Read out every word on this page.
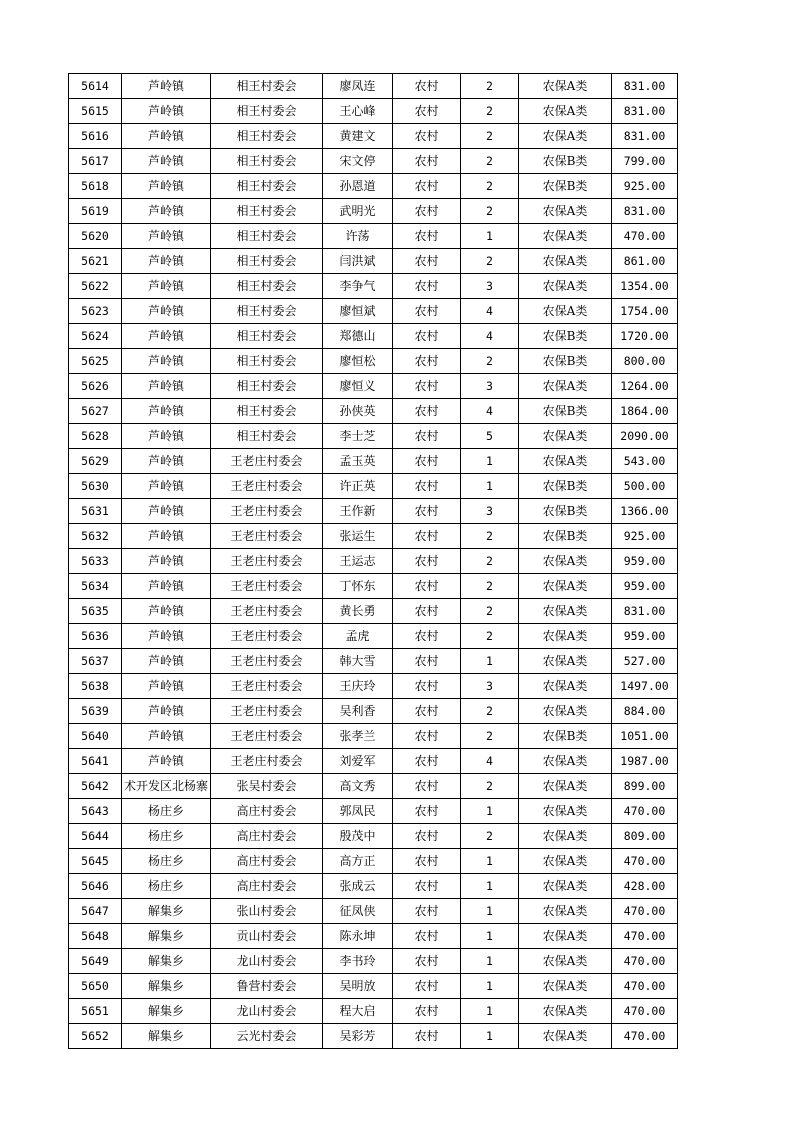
5614	芦岭镇	相王村委会	廖凤连	农村	2	农保A类	831.00
5615	芦岭镇	相王村委会	王心峰	农村	2	农保A类	831.00
5616	芦岭镇	相王村委会	黄建文	农村	2	农保A类	831.00
5617	芦岭镇	相王村委会	宋文停	农村	2	农保B类	799.00
5618	芦岭镇	相王村委会	孙恩道	农村	2	农保B类	925.00
5619	芦岭镇	相王村委会	武明光	农村	2	农保A类	831.00
5620	芦岭镇	相王村委会	许荡	农村	1	农保A类	470.00
5621	芦岭镇	相王村委会	闫洪斌	农村	2	农保A类	861.00
5622	芦岭镇	相王村委会	李争气	农村	3	农保A类	1354.00
5623	芦岭镇	相王村委会	廖恒斌	农村	4	农保A类	1754.00
5624	芦岭镇	相王村委会	郑德山	农村	4	农保B类	1720.00
5625	芦岭镇	相王村委会	廖恒松	农村	2	农保B类	800.00
5626	芦岭镇	相王村委会	廖恒义	农村	3	农保A类	1264.00
5627	芦岭镇	相王村委会	孙侠英	农村	4	农保B类	1864.00
5628	芦岭镇	相王村委会	李士芝	农村	5	农保A类	2090.00
5629	芦岭镇	王老庄村委会	孟玉英	农村	1	农保A类	543.00
5630	芦岭镇	王老庄村委会	许正英	农村	1	农保B类	500.00
5631	芦岭镇	王老庄村委会	王作新	农村	3	农保B类	1366.00
5632	芦岭镇	王老庄村委会	张运生	农村	2	农保B类	925.00
5633	芦岭镇	王老庄村委会	王运志	农村	2	农保A类	959.00
5634	芦岭镇	王老庄村委会	丁怀东	农村	2	农保A类	959.00
5635	芦岭镇	王老庄村委会	黄长勇	农村	2	农保A类	831.00
5636	芦岭镇	王老庄村委会	孟虎	农村	2	农保A类	959.00
5637	芦岭镇	王老庄村委会	韩大雪	农村	1	农保A类	527.00
5638	芦岭镇	王老庄村委会	王庆玲	农村	3	农保A类	1497.00
5639	芦岭镇	王老庄村委会	吴利香	农村	2	农保A类	884.00
5640	芦岭镇	王老庄村委会	张孝兰	农村	2	农保B类	1051.00
5641	芦岭镇	王老庄村委会	刘爱军	农村	4	农保A类	1987.00
5642	术开发区北杨寨	张吴村委会	高文秀	农村	2	农保A类	899.00
5643	杨庄乡	高庄村委会	郭凤民	农村	1	农保A类	470.00
5644	杨庄乡	高庄村委会	殷茂中	农村	2	农保A类	809.00
5645	杨庄乡	高庄村委会	高方正	农村	1	农保A类	470.00
5646	杨庄乡	高庄村委会	张成云	农村	1	农保A类	428.00
5647	解集乡	张山村委会	征凤侠	农村	1	农保A类	470.00
5648	解集乡	贡山村委会	陈永坤	农村	1	农保A类	470.00
5649	解集乡	龙山村委会	李书玲	农村	1	农保A类	470.00
5650	解集乡	鲁营村委会	吴明放	农村	1	农保A类	470.00
5651	解集乡	龙山村委会	程大启	农村	1	农保A类	470.00
5652	解集乡	云光村委会	吴彩芳	农村	1	农保A类	470.00
